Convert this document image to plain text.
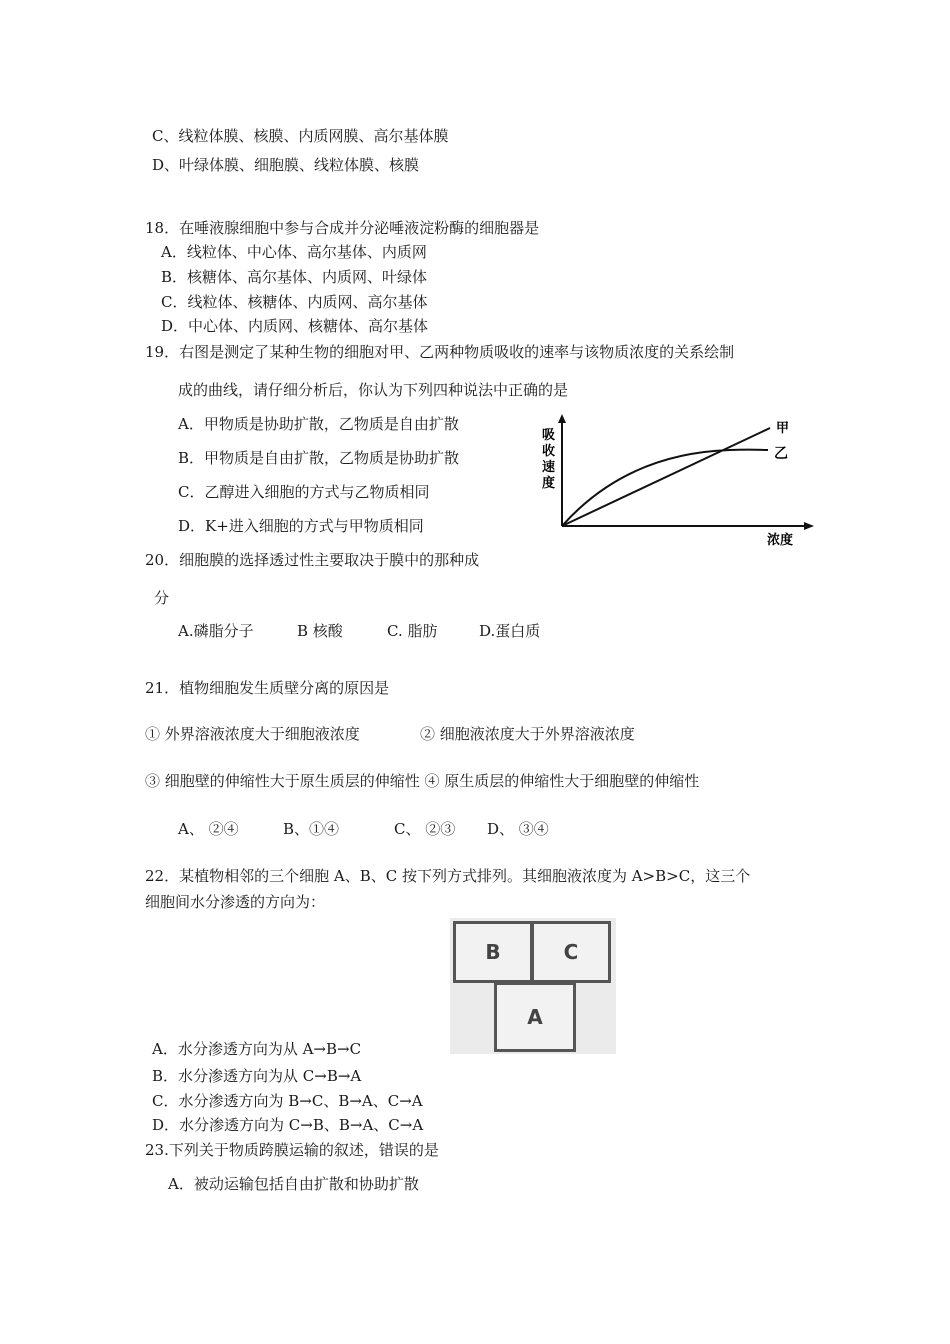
C、线粒体膜、核膜、内质网膜、高尔基体膜
D、叶绿体膜、细胞膜、线粒体膜、核膜
18．在唾液腺细胞中参与合成并分泌唾液淀粉酶的细胞器是
A．线粒体、中心体、高尔基体、内质网
B．核糖体、高尔基体、内质网、叶绿体
C．线粒体、核糖体、内质网、高尔基体
D．中心体、内质网、核糖体、高尔基体
19．右图是测定了某种生物的细胞对甲、乙两种物质吸收的速率与该物质浓度的关系绘制
成的曲线，请仔细分析后，你认为下列四种说法中正确的是
A．甲物质是协助扩散，乙物质是自由扩散
B．甲物质是自由扩散，乙物质是协助扩散
C．乙醇进入细胞的方式与乙物质相同
D．K+进入细胞的方式与甲物质相同
吸
收
速
度
甲
乙
浓度
20．细胞膜的选择透过性主要取决于膜中的那种成
分
A.磷脂分子	B 核酸	C. 脂肪	D.蛋白质
21．植物细胞发生质壁分离的原因是
① 外界溶液浓度大于细胞液浓度	② 细胞液浓度大于外界溶液浓度
③ 细胞壁的伸缩性大于原生质层的伸缩性 ④ 原生质层的伸缩性大于细胞壁的伸缩性
A、 ②④	B、①④	C、 ②③ D、 ③④
22．某植物相邻的三个细胞 A、B、C 按下列方式排列。其细胞液浓度为 A>B>C，这三个
细胞间水分渗透的方向为：
B	C
A
A．水分渗透方向为从 A→B→C
B．水分渗透方向为从 C→B→A
C．水分渗透方向为 B→C、B→A、C→A
D．水分渗透方向为 C→B、B→A、C→A
23.下列关于物质跨膜运输的叙述，错误的是
A．被动运输包括自由扩散和协助扩散
